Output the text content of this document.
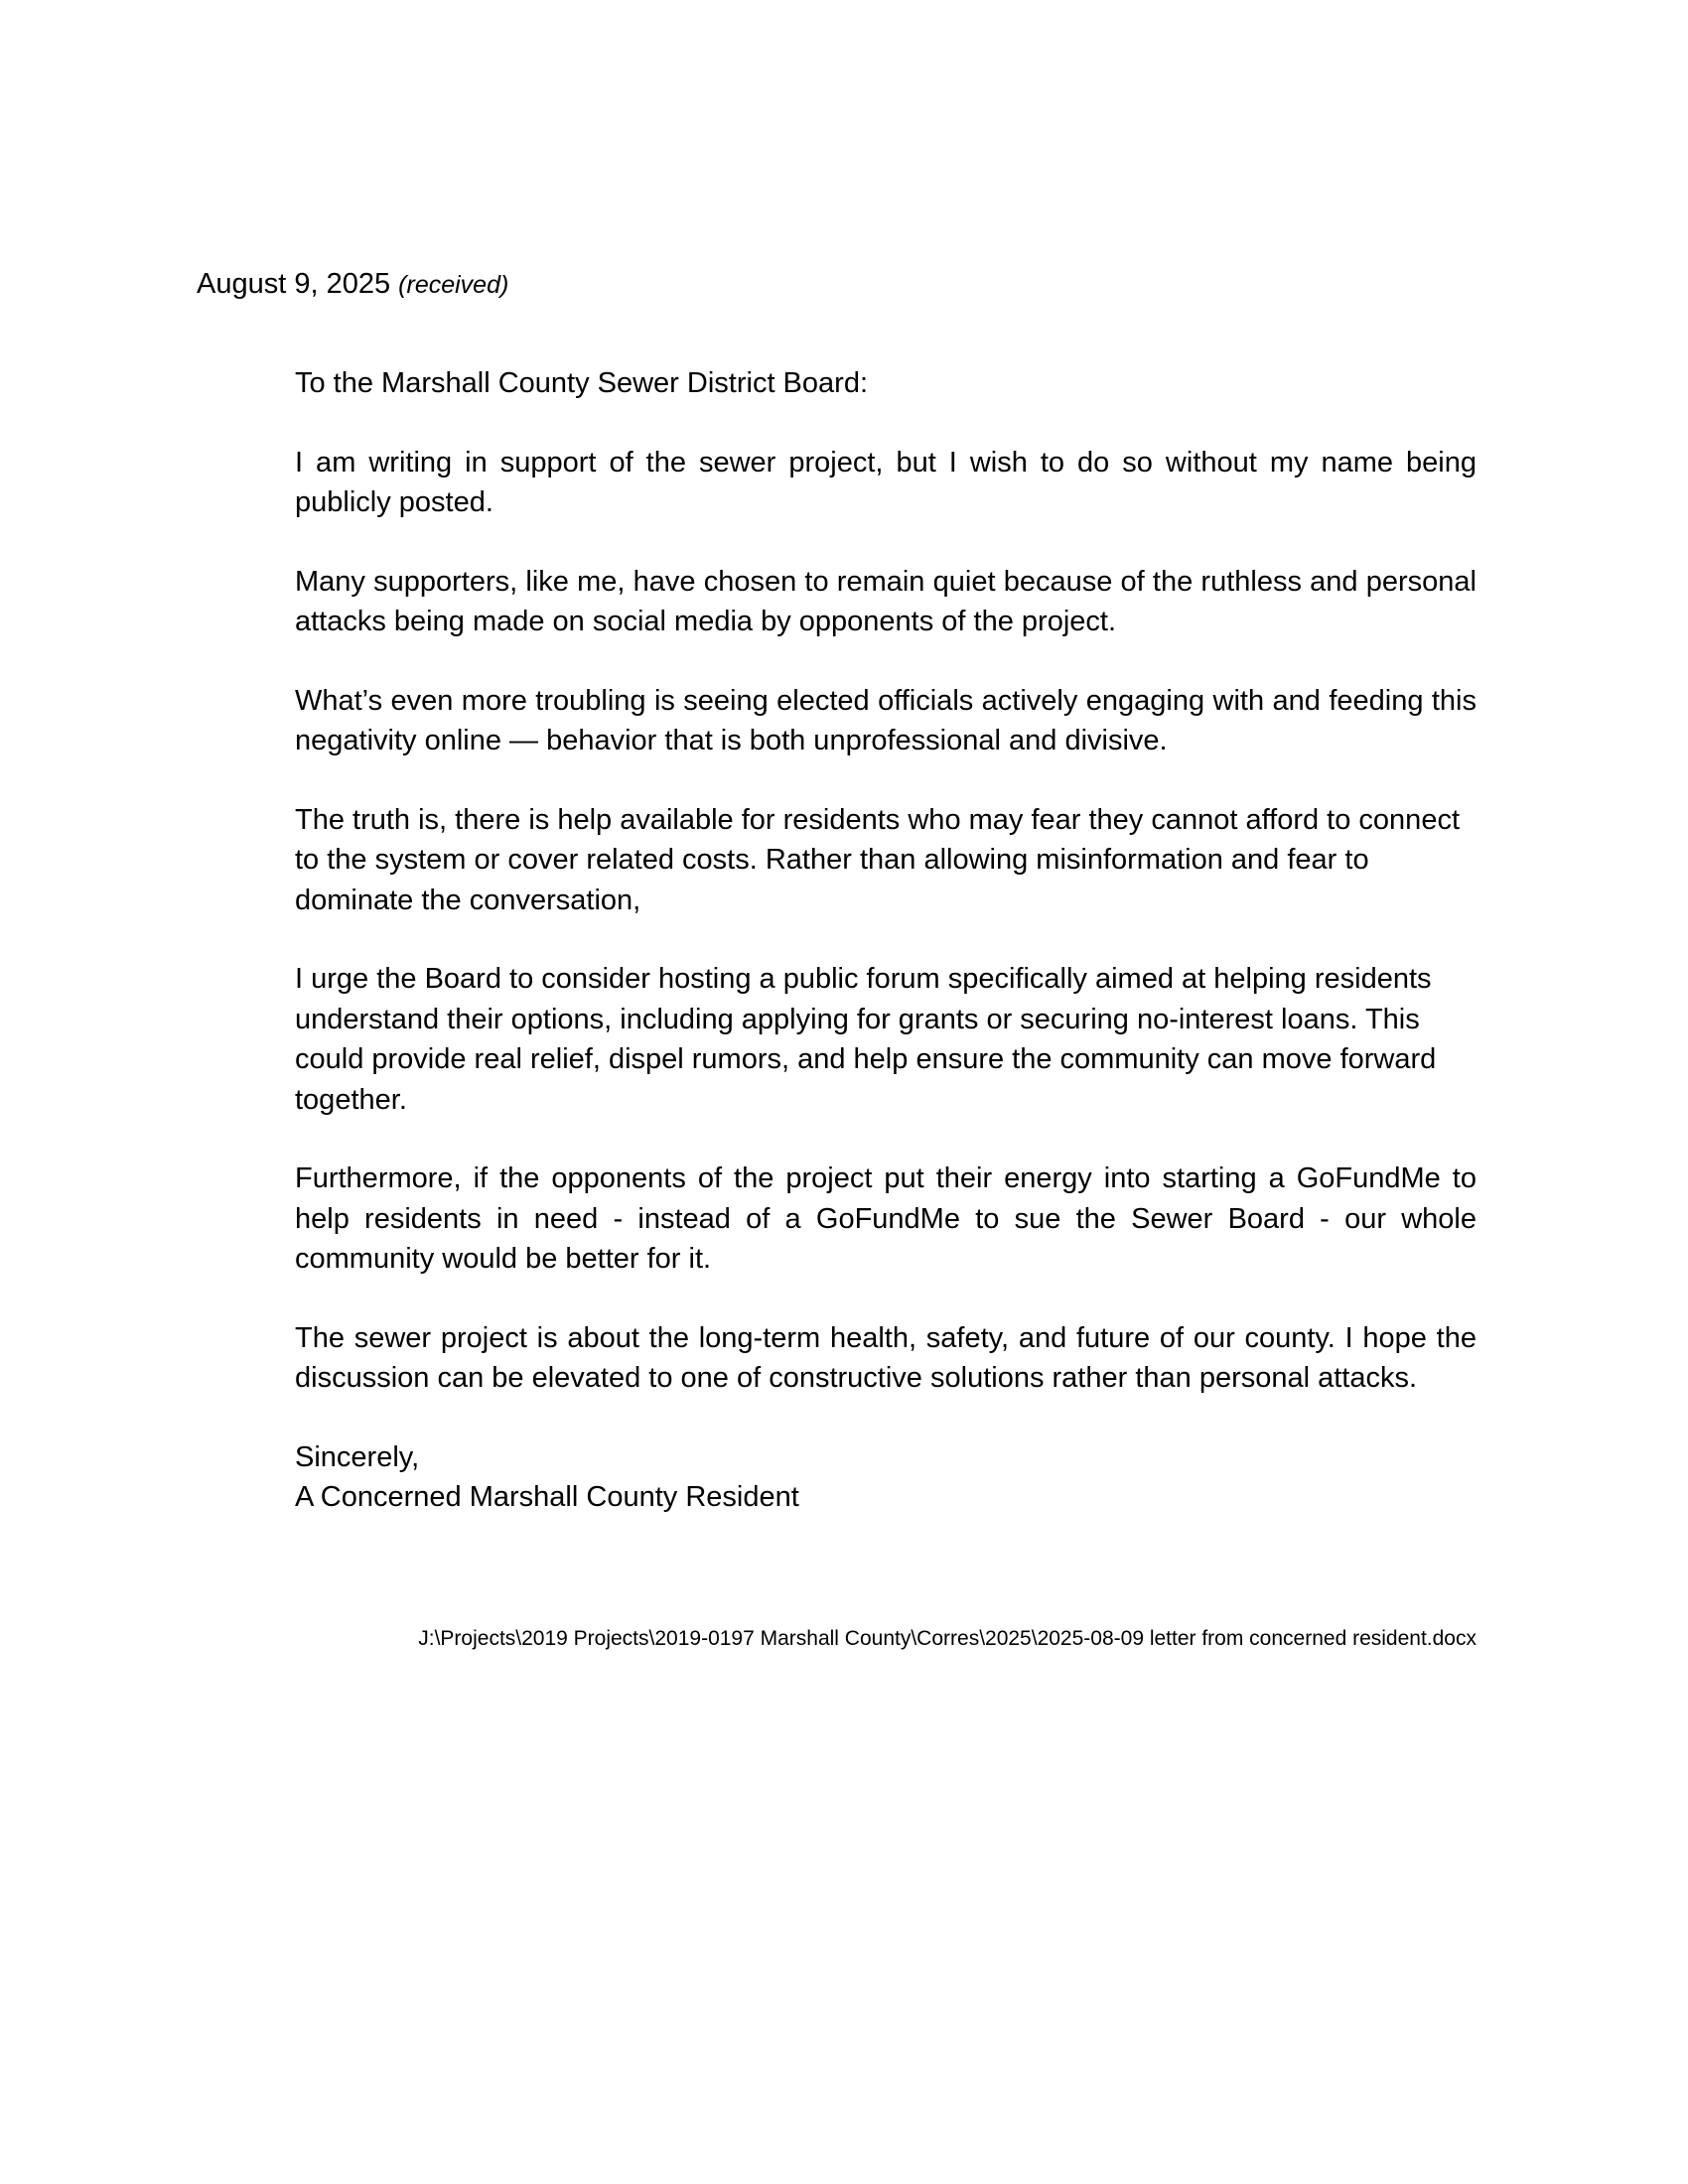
August 9, 2025 (received)

To the Marshall County Sewer District Board:

I am writing in support of the sewer project, but I wish to do so without my name being publicly posted.

Many supporters, like me, have chosen to remain quiet because of the ruthless and personal attacks being made on social media by opponents of the project.

What’s even more troubling is seeing elected officials actively engaging with and feeding this negativity online — behavior that is both unprofessional and divisive.

The truth is, there is help available for residents who may fear they cannot afford to connect to the system or cover related costs. Rather than allowing misinformation and fear to dominate the conversation,

I urge the Board to consider hosting a public forum specifically aimed at helping residents understand their options, including applying for grants or securing no-interest loans. This could provide real relief, dispel rumors, and help ensure the community can move forward together.

Furthermore, if the opponents of the project put their energy into starting a GoFundMe to help residents in need - instead of a GoFundMe to sue the Sewer Board - our whole community would be better for it.

The sewer project is about the long-term health, safety, and future of our county. I hope the discussion can be elevated to one of constructive solutions rather than personal attacks.

Sincerely,

A Concerned Marshall County Resident

J:\Projects\2019 Projects\2019-0197 Marshall County\Corres\2025\2025-08-09 letter from concerned resident.docx
